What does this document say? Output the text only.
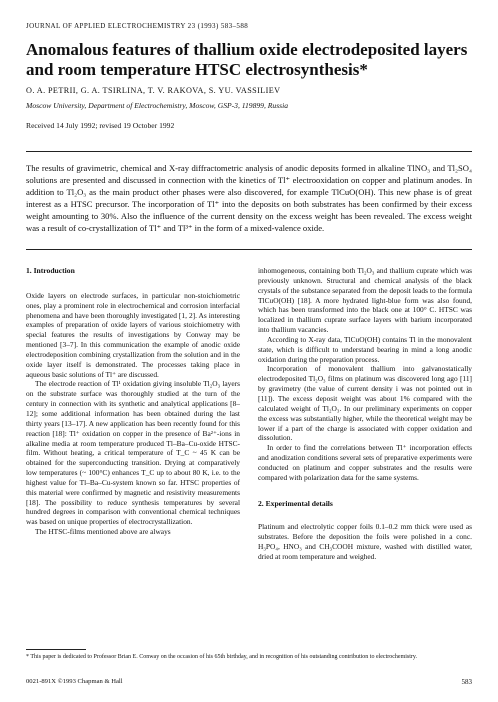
JOURNAL OF APPLIED ELECTROCHEMISTRY 23 (1993) 583–588
Anomalous features of thallium oxide electrodeposited layers and room temperature HTSC electrosynthesis*
O. A. PETRII, G. A. TSIRLINA, T. V. RAKOVA, S. YU. VASSILIEV
Moscow University, Department of Electrochemistry, Moscow, GSP-3, 119899, Russia
Received 14 July 1992; revised 19 October 1992
The results of gravimetric, chemical and X-ray diffractometric analysis of anodic deposits formed in alkaline TlNO₃ and Tl₂SO₄ solutions are presented and discussed in connection with the kinetics of Tl⁺ electrooxidation on copper and platinum anodes. In addition to Tl₂O₃ as the main product other phases were also discovered, for example TlCuO(OH). This new phase is of great interest as a HTSC precursor. The incorporation of Tl⁺ into the deposits on both substrates has been confirmed by their excess weight amounting to 30%. Also the influence of the current density on the excess weight has been revealed. The excess weight was a result of co-crystallization of Tl⁺ and Tl³⁺ in the form of a mixed-valence oxide.
1. Introduction

Oxide layers on electrode surfaces, in particular non-stoichiometric ones, play a prominent role in electrochemical and corrosion interfacial phenomena and have been thoroughly investigated [1, 2]. As interesting examples of preparation of oxide layers of various stoichiometry with special features the results of investigations by Conway may be mentioned [3–7]. In this communication the example of anodic oxide electrodeposition combining crystallization from the solution and in the oxide layer itself is demonstrated. The processes taking place in aqueous basic solutions of Tl⁺ are discussed.

The electrode reaction of Tl¹ oxidation giving insoluble Tl₂O₃ layers on the substrate surface was thoroughly studied at the turn of the century in connection with its synthetic and analytical applications [8–12]; some additional information has been obtained during the last thirty years [13–17]. A new application has been recently found for this reaction [18]: Tl⁺ oxidation on copper in the presence of Ba²⁺-ions in alkaline media at room temperature produced Tl–Ba–Cu-oxide HTSC-film. Without heating, a critical temperature of T_C ~ 45 K can be obtained for the superconducting transition. Drying at comparatively low temperatures (~ 100°C) enhances T_C up to about 80 K, i.e. to the highest value for Tl–Ba–Cu-system known so far. HTSC properties of this material were confirmed by magnetic and resistivity measurements [18]. The possibility to reduce synthesis temperatures by several hundred degrees in comparison with conventional chemical techniques was based on unique properties of electrocrystallization.

The HTSC-films mentioned above are always

inhomogeneous, containing both Tl₂O₃ and thallium cuprate which was previously unknown. Structural and chemical analysis of the black crystals of the substance separated from the deposit leads to the formula TlCuO(OH) [18]. A more hydrated light-blue form was also found, which has been transformed into the black one at 100° C. HTSC was localized in thallium cuprate surface layers with barium incorporated into thallium vacancies.

According to X-ray data, TlCuO(OH) contains Tl in the monovalent state, which is difficult to understand bearing in mind a long anodic oxidation during the preparation process.

Incorporation of monovalent thallium into galvanostatically electrodeposited Tl₂O₃ films on platinum was discovered long ago [11] by gravimetry (the value of current density i was not pointed out in [11]). The excess deposit weight was about 1% compared with the calculated weight of Tl₂O₃. In our preliminary experiments on copper the excess was substantially higher, while the theoretical weight may be lower if a part of the charge is associated with copper oxidation and dissolution.

In order to find the correlations between Tl⁺ incorporation effects and anodization conditions several sets of preparative experiments were conducted on platinum and copper substrates and the results were compared with polarization data for the same systems.

2. Experimental details

Platinum and electrolytic copper foils 0.1–0.2 mm thick were used as substrates. Before the deposition the foils were polished in a conc. H₃PO₄, HNO₃ and CH₃COOH mixture, washed with distilled water, dried at room temperature and weighed.

* This paper is dedicated to Professor Brian E. Conway on the occasion of his 65th birthday, and in recognition of his outstanding contribution to electrochemistry.
0021-891X ©1993 Chapman & Hall	583
